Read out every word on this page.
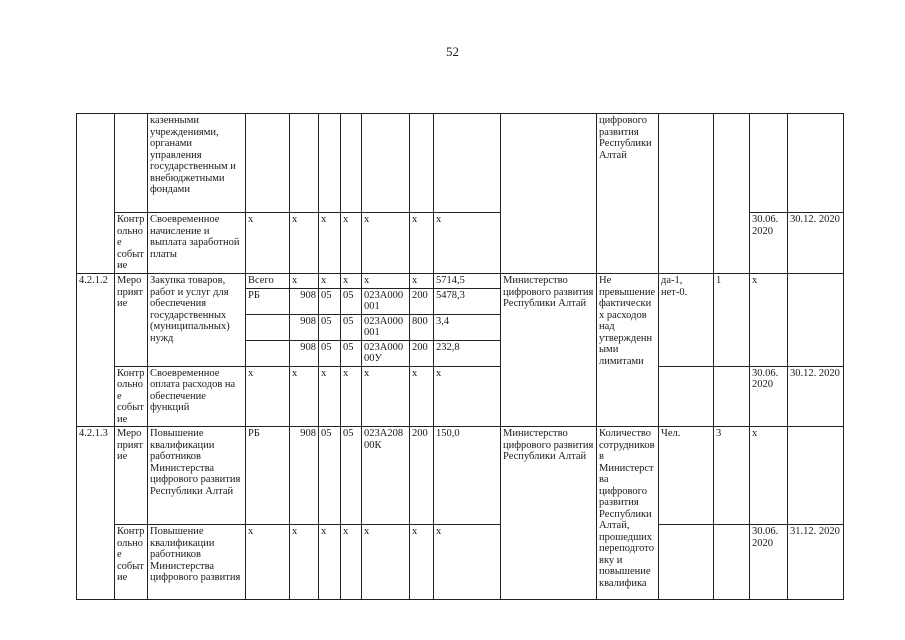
52
		казенными учреждениями, органами управления государственным и внебюджетными фондами									цифрового развития Республики Алтай				
	Контрольное событие	Своевременное начисление и выплата заработной платы	х	х	х	х	х	х	х					30.06. 2020	30.12. 2020
4.2.1.2	Мероприятие	Закупка товаров, работ и услуг для обеспечения государственных (муниципальных) нужд	Всего	х	х	х	х	х	5714,5	Министерство цифрового развития Республики Алтай	Не превышение фактических расходов над утвержденными лимитами	да-1, нет-0.	1	х	
			РБ	908	05	05	023А000001	200	5478,3						
				908	05	05	023А000001	800	3,4						
				908	05	05	023А00000У	200	232,8						
	Контрольное событие	Своевременное оплата расходов на обеспечение функций	х	х	х	х	х	х	х					30.06. 2020	30.12. 2020
4.2.1.3	Мероприятие	Повышение квалификации работников Министерства цифрового развития Республики Алтай	РБ	908	05	05	023А20800К	200	150,0	Министерство цифрового развития Республики Алтай	Количество сотрудников в Министерства цифрового развития Республики Алтай, прошедших переподготовку и повышение квалифика	Чел.	3	х	
	Контрольное событие	Повышение квалификации работников Министерства цифрового развития	х	х	х	х	х	х	х					30.06. 2020	31.12. 2020
